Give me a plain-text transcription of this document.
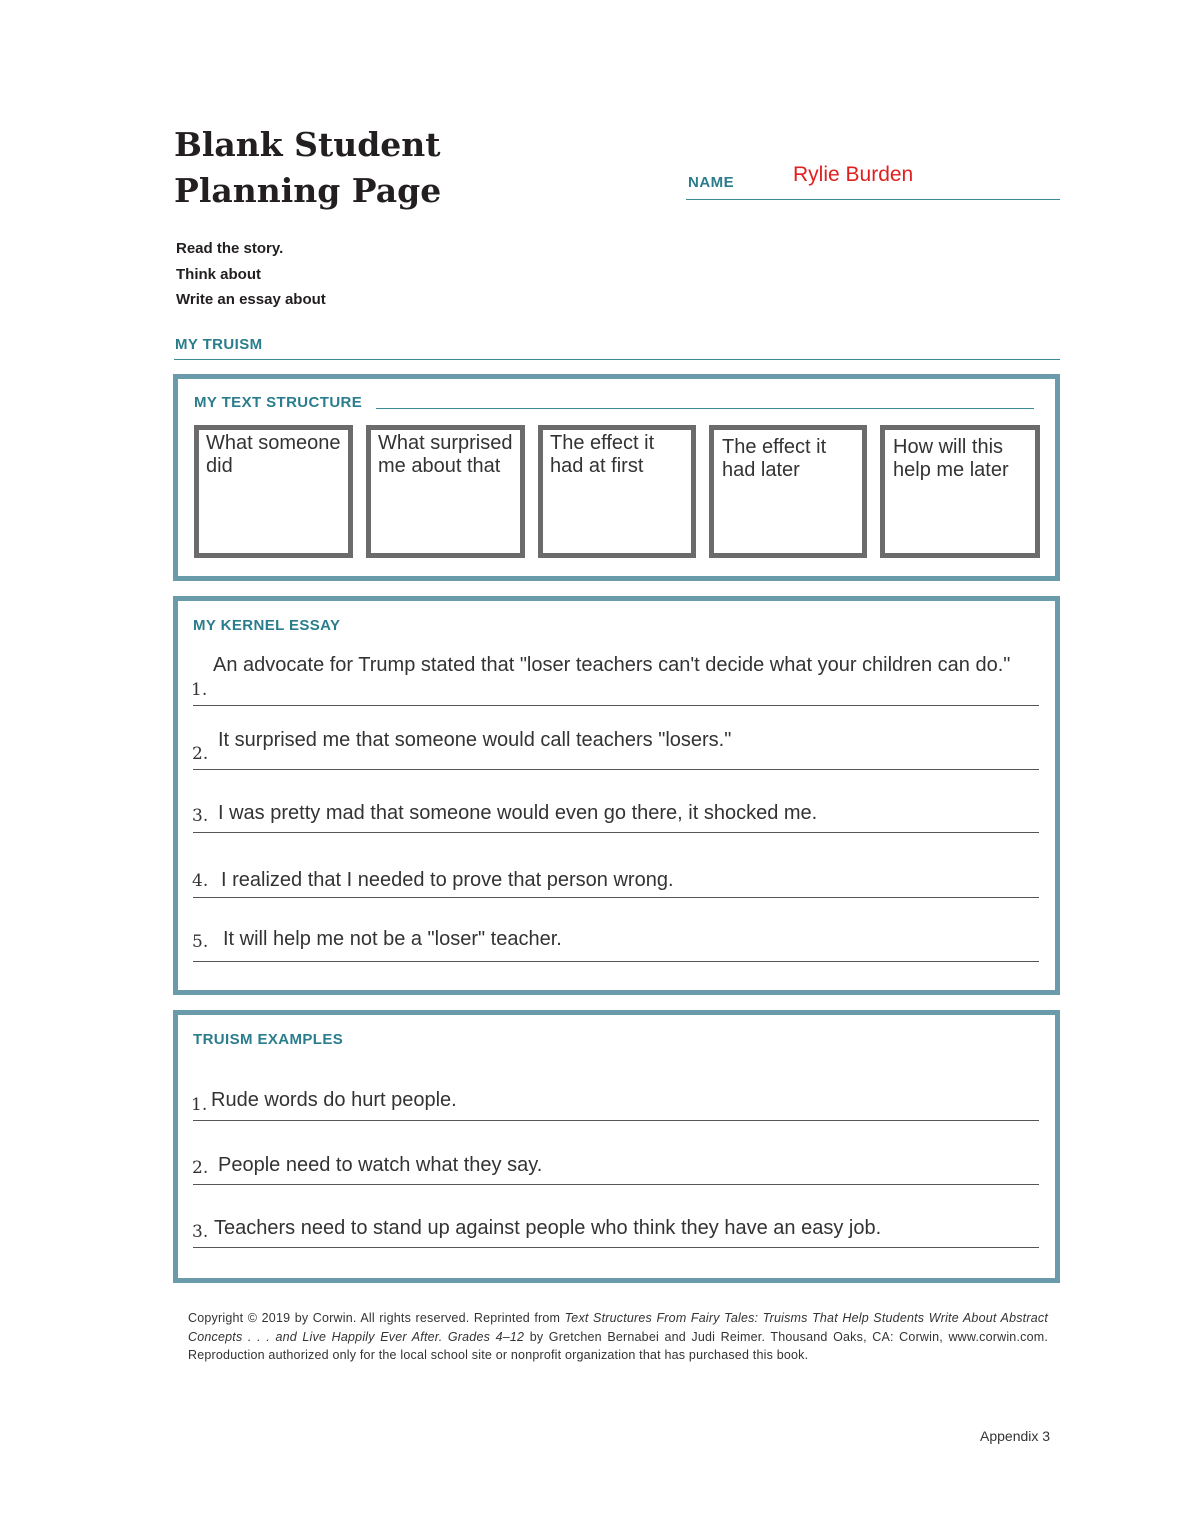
Blank Student
Planning Page	NAME	Rylie Burden
Read the story.
Think about
Write an essay about
MY TRUISM
MY TEXT STRUCTURE
What someone did
What surprised me about that
The effect it had at first
The effect it had later
How will this help me later
MY KERNEL ESSAY
1.
An advocate for Trump stated that "loser teachers can't decide what your children can do."
2.
It surprised me that someone would call teachers "losers."
3. I was pretty mad that someone would even go there, it shocked me.
4. I realized that I needed to prove that person wrong.
5. It will help me not be a "loser" teacher.
TRUISM EXAMPLES
1. Rude words do hurt people.
2. People need to watch what they say.
3. Teachers need to stand up against people who think they have an easy job.
Copyright © 2019 by Corwin. All rights reserved. Reprinted from Text Structures From Fairy Tales: Truisms That Help Students Write About Abstract Concepts . . . and Live Happily Ever After. Grades 4–12 by Gretchen Bernabei and Judi Reimer. Thousand Oaks, CA: Corwin, www.corwin.com. Reproduction authorized only for the local school site or nonprofit organization that has purchased this book.
Appendix 3
